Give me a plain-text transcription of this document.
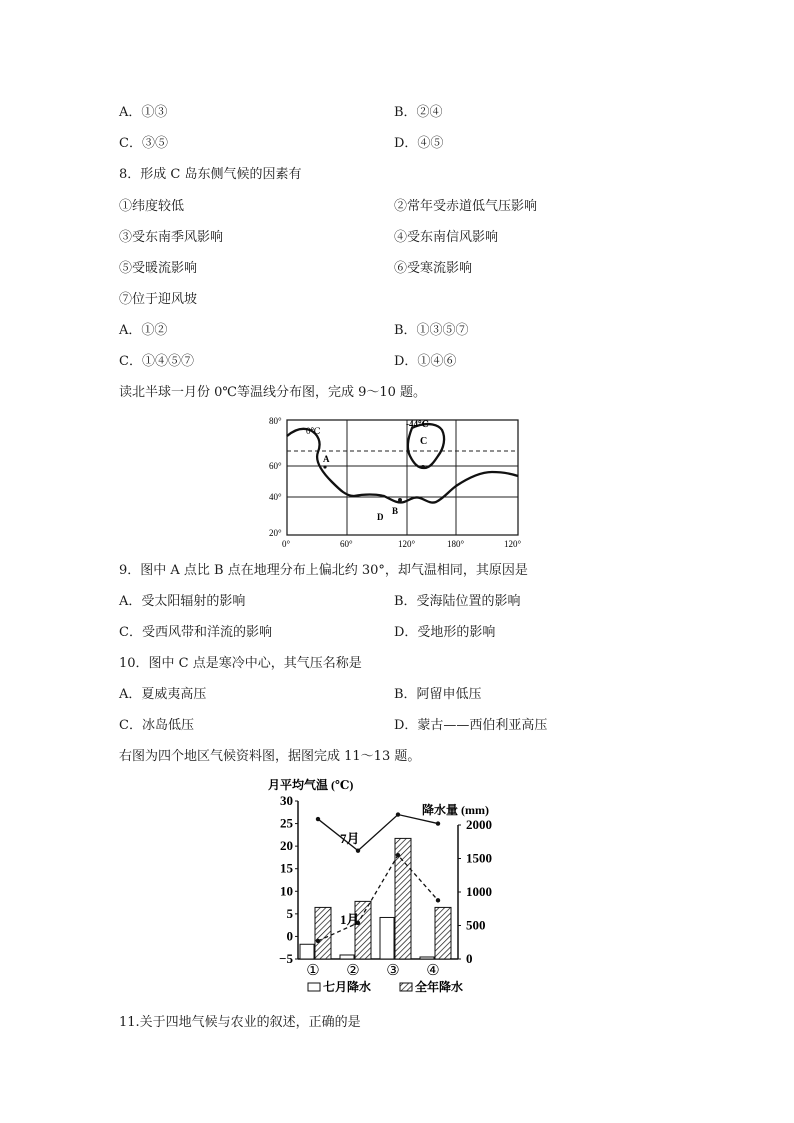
A．①③	B．②④
C．③⑤	D．④⑤
8．形成 C 岛东侧气候的因素有
①纬度较低	②常年受赤道低气压影响
③受东南季风影响	④受东南信风影响
⑤受暖流影响	⑥受寒流影响
⑦位于迎风坡
A．①②	B．①③⑤⑦
C．①④⑤⑦	D．①④⑥
读北半球一月份 0℃等温线分布图，完成 9～10 题。
80°
60°
40°
20°
0°	60°	120°	180°	120°
0℃
-44℃
A
C
B
D
9．图中 A 点比 B 点在地理分布上偏北约 30°，却气温相同，其原因是
A．受太阳辐射的影响	B．受海陆位置的影响
C．受西风带和洋流的影响	D．受地形的影响
10．图中 C 点是寒冷中心，其气压名称是
A．夏威夷高压	B．阿留申低压
C．冰岛低压	D．蒙古——西伯利亚高压
右图为四个地区气候资料图，据图完成 11～13 题。
月平均气温 (℃)
降水量 (mm)
30
25
20
15
10
5
0
−5
2000
1500
1000
500
0
① ② ③ ④
7月
1月
七月降水	全年降水
11.关于四地气候与农业的叙述，正确的是
